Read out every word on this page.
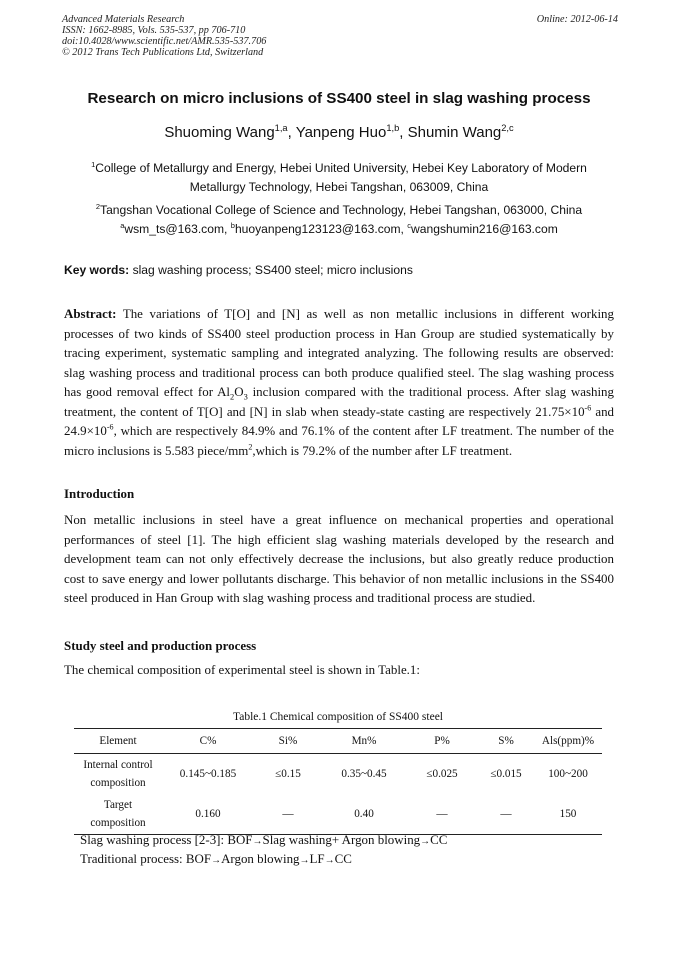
Advanced Materials Research
ISSN: 1662-8985, Vols. 535-537, pp 706-710
doi:10.4028/www.scientific.net/AMR.535-537.706
© 2012 Trans Tech Publications Ltd, Switzerland
Online: 2012-06-14
Research on micro inclusions of SS400 steel in slag washing process
Shuoming Wang$^{1,a}$, Yanpeng Huo$^{1,b}$, Shumin Wang$^{2,c}$
$^1$College of Metallurgy and Energy, Hebei United University, Hebei Key Laboratory of Modern
Metallurgy Technology, Hebei Tangshan, 063009, China
$^2$Tangshan Vocational College of Science and Technology, Hebei Tangshan, 063000, China
$^a$wsm_ts@163.com, $^b$huoyanpeng123123@163.com, $^c$wangshumin216@163.com
Key words: slag washing process; SS400 steel; micro inclusions
Abstract: The variations of T[O] and [N] as well as non metallic inclusions in different working processes of two kinds of SS400 steel production process in Han Group are studied systematically by tracing experiment, systematic sampling and integrated analyzing. The following results are observed: slag washing process and traditional process can both produce qualified steel. The slag washing process has good removal effect for $Al_2O_3$ inclusion compared with the traditional process. After slag washing treatment, the content of T[O] and [N] in slab when steady-state casting are respectively $21.75\times 10^{-6}$ and $24.9\times 10^{-6}$, which are respectively 84.9% and 76.1% of the content after LF treatment. The number of the micro inclusions is 5.583 piece/$mm^2,which$ is 79.2% of the number after LF treatment.
Introduction
Non metallic inclusions in steel have a great influence on mechanical properties and operational performances of steel [1]. The high efficient slag washing materials developed by the research and development team can not only effectively decrease the inclusions, but also greatly reduce production cost to save energy and lower pollutants discharge. This behavior of non metallic inclusions in the SS400 steel produced in Han Group with slag washing process and traditional process are studied.
Study steel and production process
The chemical composition of experimental steel is shown in Table.1:
Table.1 Chemical composition of SS400 steel
Element	C%	Si%	Mn%	P%	S%	Als(ppm)%

Internal control
composition	0.145~0.185	≤0.15	0.35~0.45	≤0.025	≤0.015	100~200

Target
composition	0.160	—	0.40	—	—	150
Slag washing process [2-3]: BOF→Slag washing+ Argon blowing→CC
Traditional process: BOF→Argon blowing→LF→CC
